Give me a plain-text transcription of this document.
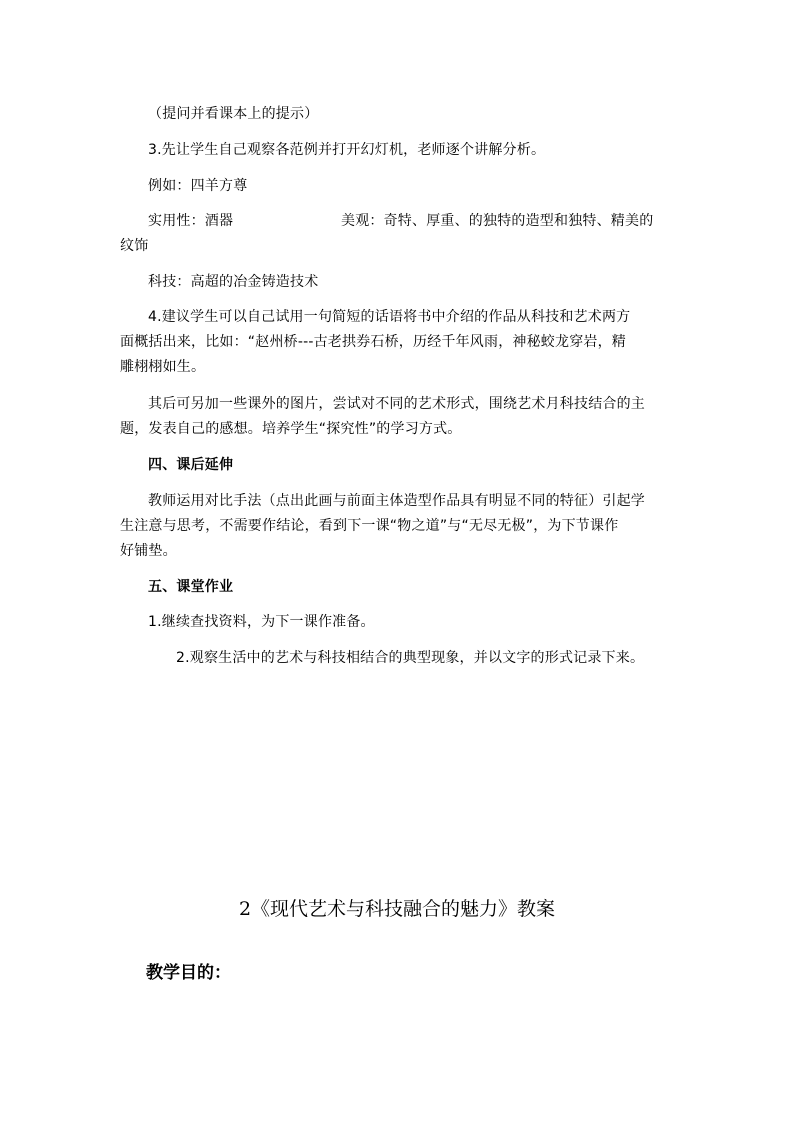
（提问并看课本上的提示）
3.先让学生自己观察各范例并打开幻灯机，老师逐个讲解分析。
例如：四羊方尊
实用性：酒器	美观：奇特、厚重、的独特的造型和独特、精美的
纹饰
科技：高超的冶金铸造技术
4.建议学生可以自己试用一句简短的话语将书中介绍的作品从科技和艺术两方
面概括出来，比如：“赵州桥---古老拱券石桥，历经千年风雨，神秘蛟龙穿岩，精
雕栩栩如生。
其后可另加一些课外的图片，尝试对不同的艺术形式，围绕艺术月科技结合的主
题，发表自己的感想。培养学生“探究性”的学习方式。
四、课后延伸
教师运用对比手法（点出此画与前面主体造型作品具有明显不同的特征）引起学
生注意与思考，不需要作结论，看到下一课“物之道”与“无尽无极”，为下节课作
好铺垫。
五、课堂作业
1.继续查找资料，为下一课作准备。
2.观察生活中的艺术与科技相结合的典型现象，并以文字的形式记录下来。
2《现代艺术与科技融合的魅力》教案
教学目的：
